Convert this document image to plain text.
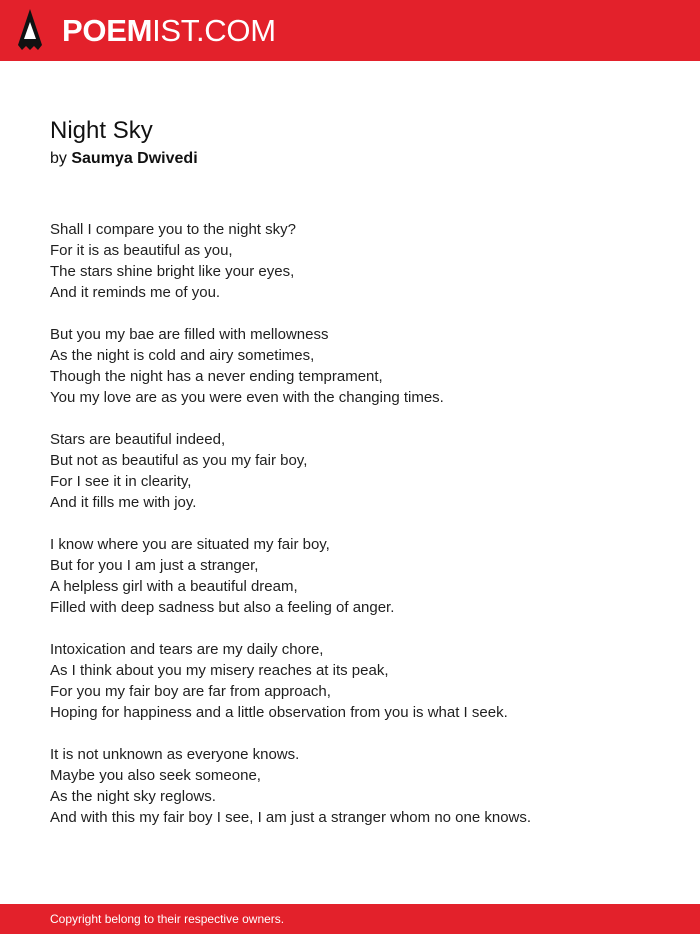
POEMIST.COM
Night Sky
by Saumya Dwivedi
Shall I compare you to the night sky?
For it is as beautiful as you,
The stars shine bright like your eyes,
And it reminds me of you.
But you my bae are filled with mellowness
As the night is cold and airy sometimes,
Though the night has a never ending temprament,
You my love are as you were even with the changing times.
Stars are beautiful indeed,
But not as beautiful as you my fair boy,
For I see it in clearity,
And it fills me with joy.
I know where you are situated my fair boy,
But for you I am just a stranger,
A helpless girl with a beautiful dream,
Filled with deep sadness but also a feeling of anger.
Intoxication and tears are my daily chore,
As I think about you my misery reaches at its peak,
For you my fair boy are far from approach,
Hoping for happiness and a little observation from you is what I seek.
It is not unknown as everyone knows.
Maybe you also seek someone,
As the night sky reglows.
And with this my fair boy I see, I am just a stranger whom no one knows.
Copyright belong to their respective owners.
